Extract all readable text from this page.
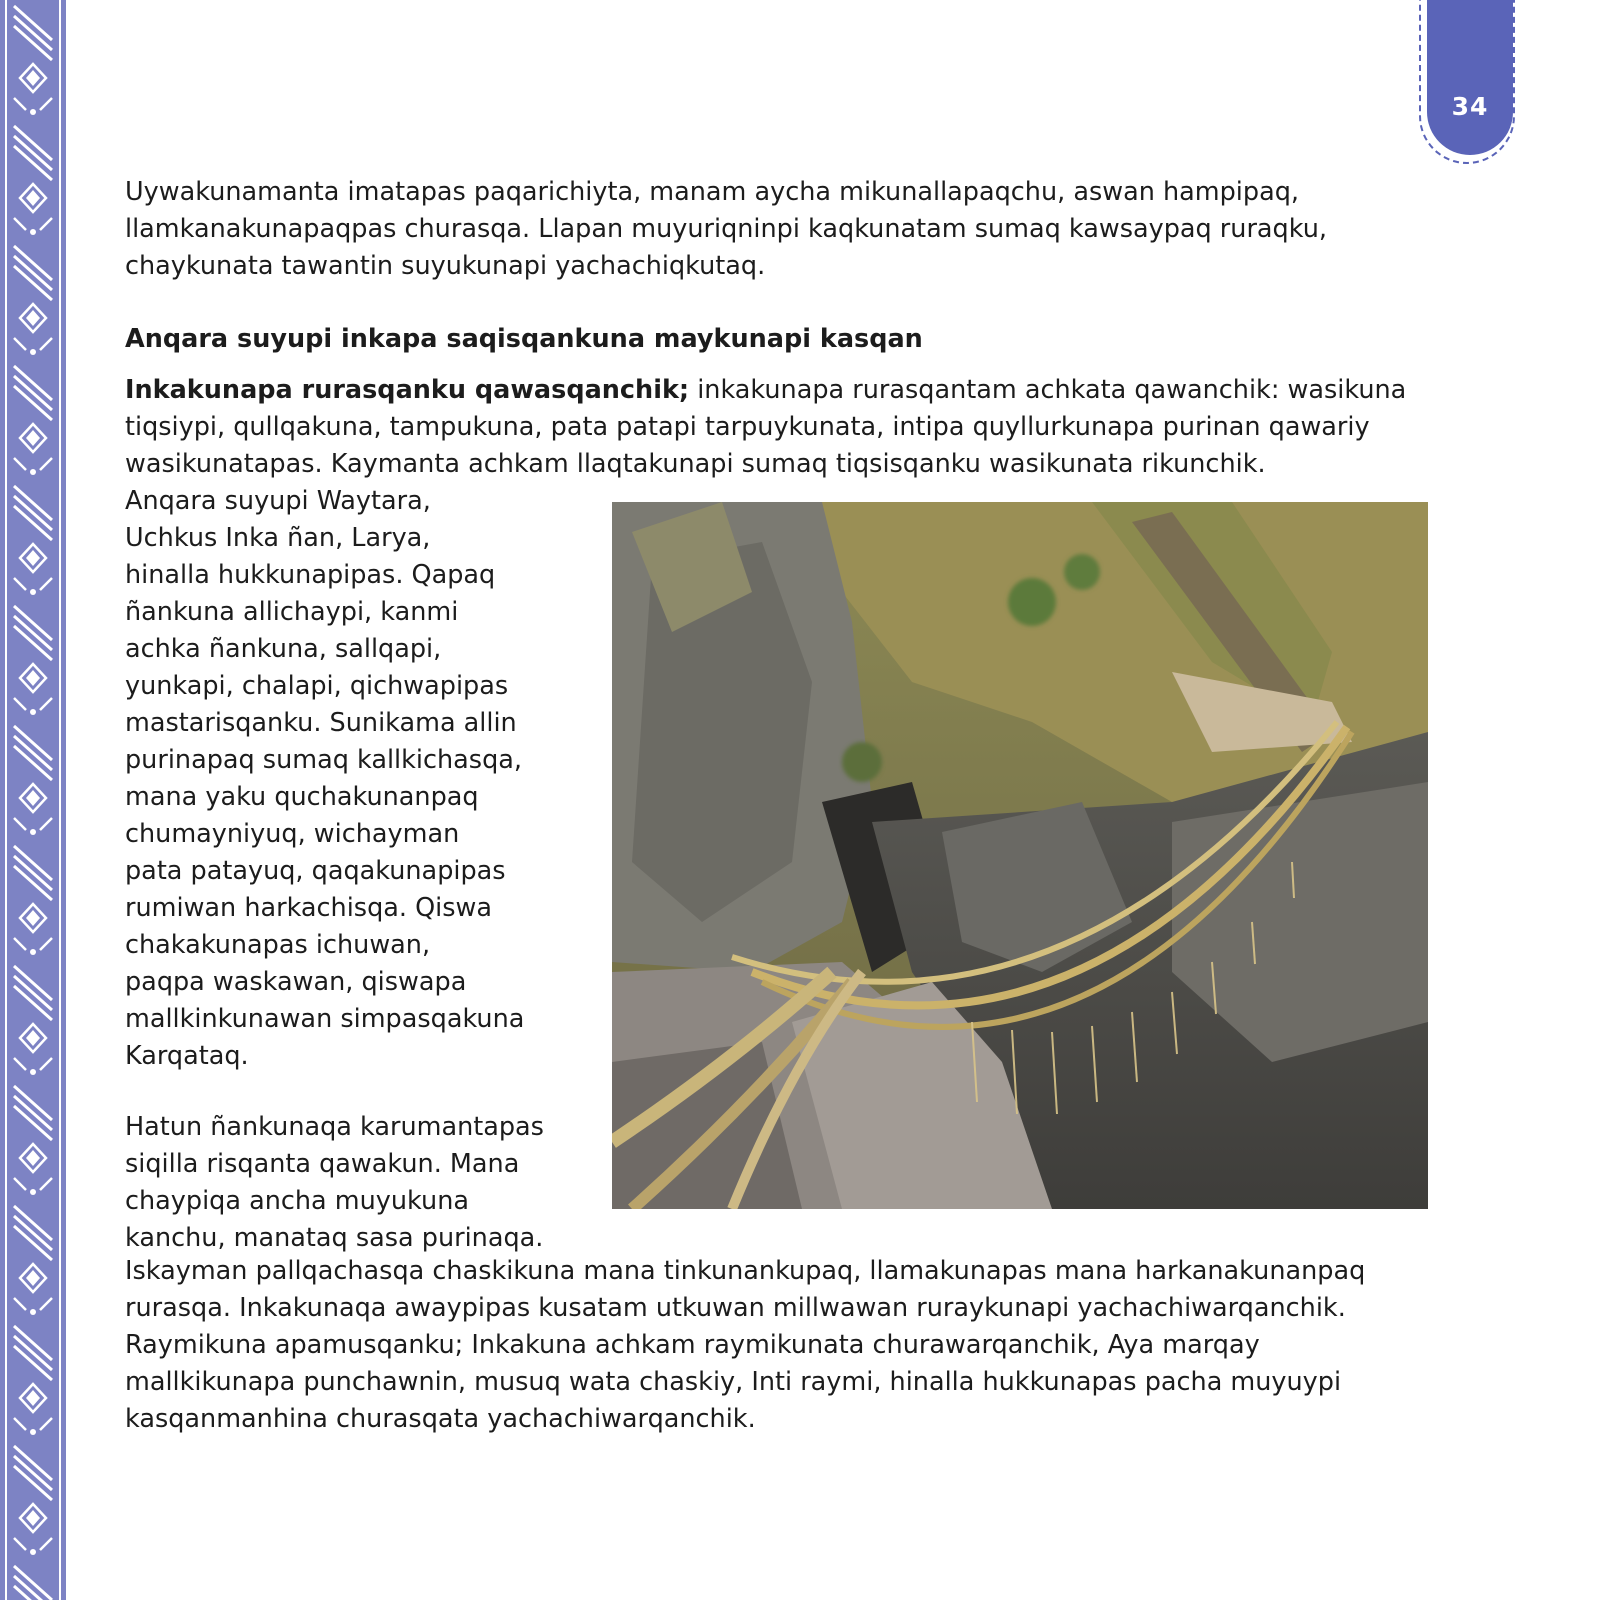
34

Uywakunamanta imatapas paqarichiyta, manam aycha mikunallapaqchu, aswan hampipaq, llamkanakunapaqpas churasqa. Llapan muyuriqninpi kaqkunatam sumaq kawsaypaq ruraqku, chaykunata tawantin suyukunapi yachachiqkutaq.

Anqara suyupi inkapa saqisqankuna maykunapi kasqan

Inkakunapa rurasqanku qawasqanchik; inkakunapa rurasqantam achkata qawanchik: wasikuna tiqsiypi, qullqakuna, tampukuna, pata patapi tarpuykunata, intipa quyllurkunapa purinan qawariy wasikunatapas. Kaymanta achkam llaqtakunapi sumaq tiqsisqanku wasikunata rikunchik.

Anqara suyupi Waytara,
Uchkus Inka ñan, Larya,
hinalla hukkunapipas. Qapaq
ñankuna allichaypi, kanmi
achka ñankuna, sallqapi,
yunkapi, chalapi, qichwapipas
mastarisqanku. Sunikama allin
purinapaq sumaq kallkichasqa,
mana yaku quchakunanpaq
chumayniyuq, wichayman
pata patayuq, qaqakunapipas
rumiwan harkachisqa. Qiswa
chakakunapas ichuwan,
paqpa waskawan, qiswapa
mallkinkunawan simpasqakuna
Karqataq.
Hatun ñankunaqa karumantapas
siqilla risqanta qawakun. Mana
chaypiqa ancha muyukuna
kanchu, manataq sasa purinaqa.

Iskayman pallqachasqa chaskikuna mana tinkunankupaq, llamakunapas mana harkanakunanpaq rurasqa. Inkakunaqa awaypipas kusatam utkuwan millwawan ruraykunapi yachachiwarqanchik. Raymikuna apamusqanku; Inkakuna achkam raymikunata churawarqanchik, Aya marqay mallkikunapa punchawnin, musuq wata chaskiy, Inti raymi, hinalla hukkunapas pacha muyuypi kasqanmanhina churasqata yachachiwarqanchik.
